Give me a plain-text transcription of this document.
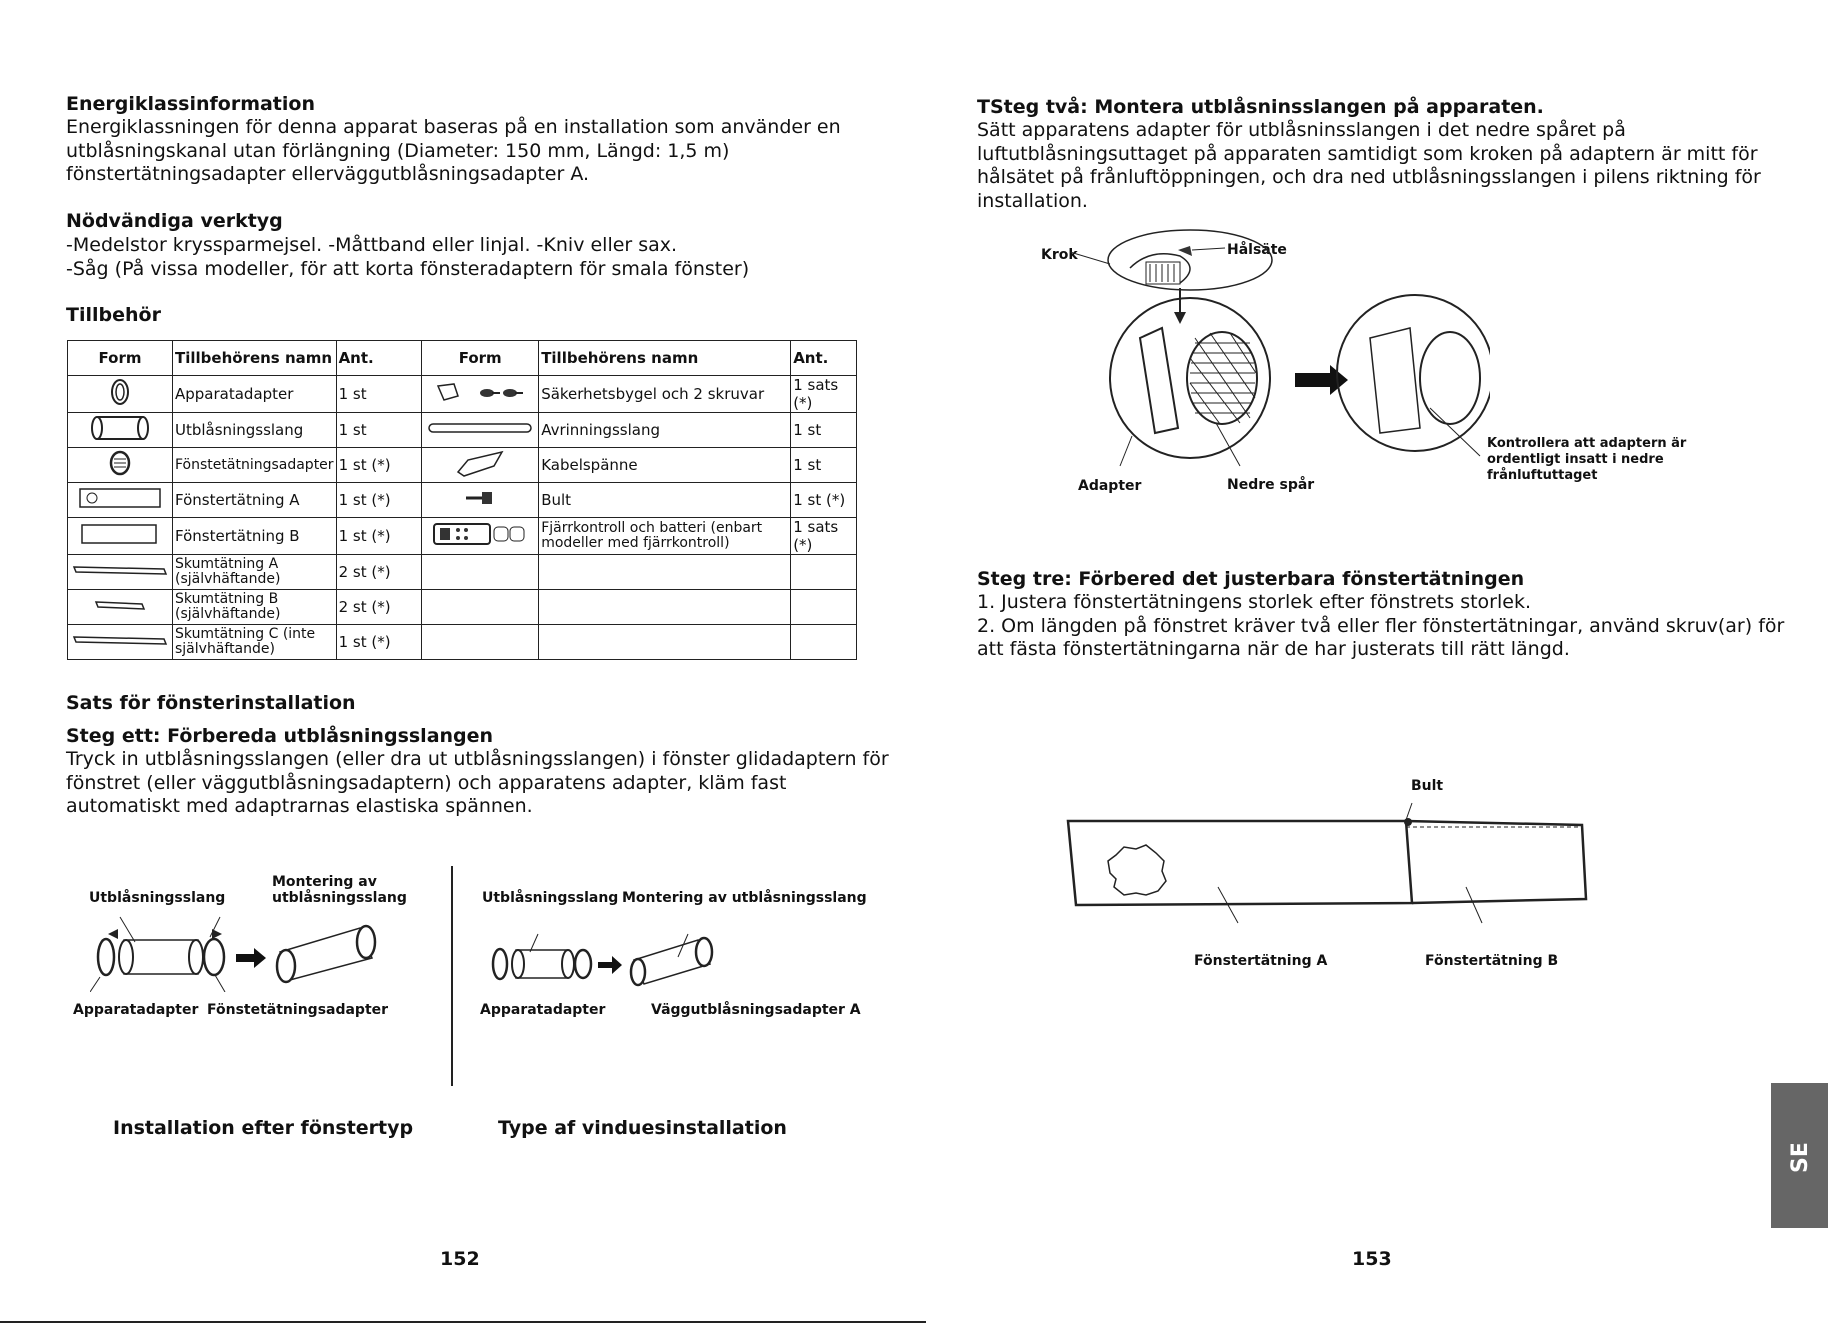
Energiklassinformation
Energiklassningen för denna apparat baseras på en installation som använder en
utblåsningskanal utan förlängning (Diameter: 150 mm, Längd: 1,5 m)
fönstertätningsadapter ellerväggutblåsningsadapter A.
Nödvändiga verktyg
-Medelstor kryssparmejsel. -Måttband eller linjal. -Kniv eller sax.
-Såg (På vissa modeller, för att korta fönsteradaptern för smala fönster)
Tillbehör
Form	Tillbehörens namn	Ant.	Form	Tillbehörens namn	Ant.
	Apparatadapter	1 st		Säkerhetsbygel och 2 skruvar	1 sats (*)
	Utblåsningsslang	1 st		Avrinningsslang	1 st
	Fönstetätningsadapter	1 st (*)		Kabelspänne	1 st
	Fönstertätning A	1 st (*)		Bult	1 st (*)
	Fönstertätning B	1 st (*)		Fjärrkontroll och batteri (enbart modeller med fjärrkontroll)	1 sats (*)
	Skumtätning A (självhäftande)	2 st (*)			
	Skumtätning B (självhäftande)	2 st (*)			
	Skumtätning C (inte självhäftande)	1 st (*)			
Sats för fönsterinstallation
Steg ett: Förbereda utblåsningsslangen
Tryck in utblåsningsslangen (eller dra ut utblåsningsslangen) i fönster glidadaptern för
fönstret (eller väggutblåsningsadaptern) och apparatens adapter, kläm fast
automatiskt med adaptrarnas elastiska spännen.
Utblåsningsslang
Montering av
utblåsningsslang
Apparatadapter Fönstetätningsadapter
Utblåsningsslang Montering av utblåsningsslang
Apparatadapter	Väggutblåsningsadapter A
Installation efter fönstertyp	Type af vinduesinstallation
152
TSteg två: Montera utblåsninsslangen på apparaten.
Sätt apparatens adapter för utblåsninsslangen i det nedre spåret på
luftutblåsningsuttaget på apparaten samtidigt som kroken på adaptern är mitt för
hålsätet på frånluftöppningen, och dra ned utblåsningsslangen i pilens riktning för
installation.
Krok	Hålsäte
Adapter	Nedre spår
Kontrollera att adaptern är
ordentligt insatt i nedre
frånluftuttaget
Steg tre: Förbered det justerbara fönstertätningen
1. Justera fönstertätningens storlek efter fönstrets storlek.
2. Om längden på fönstret kräver två eller fler fönstertätningar, använd skruv(ar) för
att fästa fönstertätningarna när de har justerats till rätt längd.
Bult
Fönstertätning A	Fönstertätning B
153
SE
